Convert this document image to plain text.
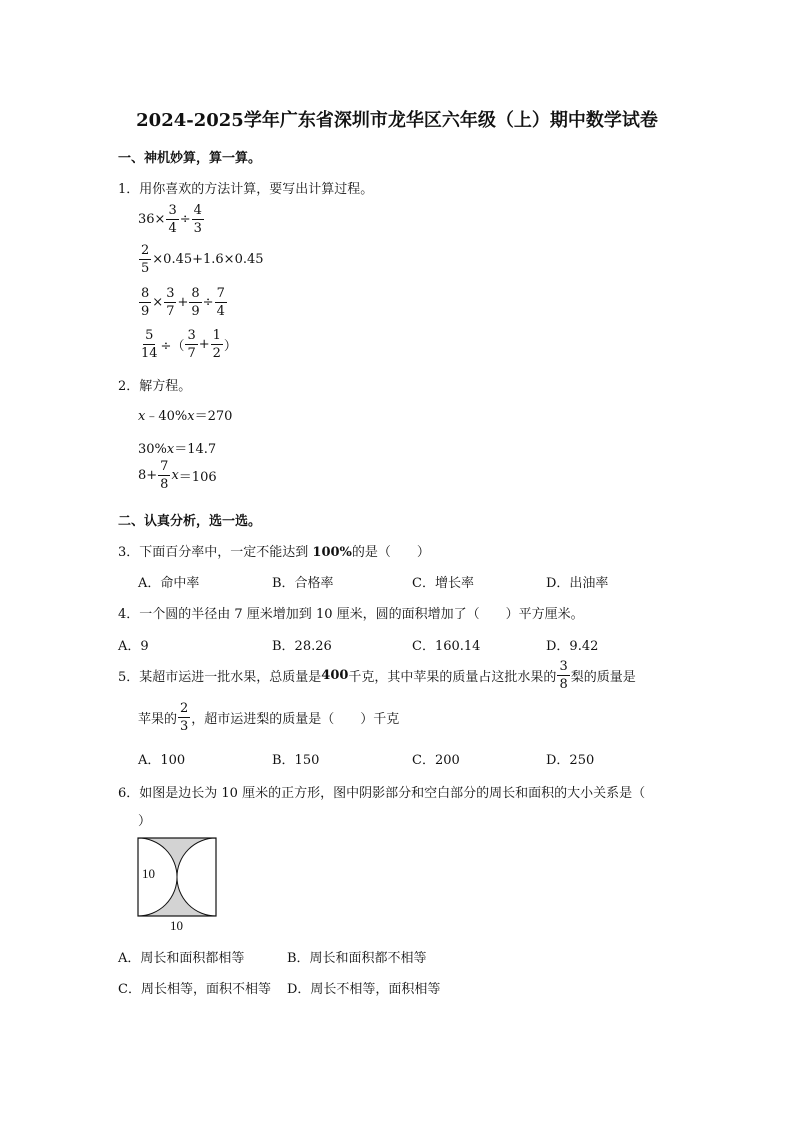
2024-2025学年广东省深圳市龙华区六年级（上）期中数学试卷
一、神机妙算，算一算。
1．用你喜欢的方法计算，要写出计算过程。
$36\times \frac{3}{4} \div \frac{4}{3}$
$\frac{2}{5} \times 0.45+1.6\times 0.45$
$\frac{8}{9} \times \frac{3}{7} + \frac{8}{9} \div \frac{7}{4}$
$\frac{5}{14}$ ÷（ $\frac{3}{7} + \frac{1}{2}$ ）
2．解方程。
x﹣40%x＝270
30%x＝14.7
$8+ \frac{7}{8}$ x ＝106
二、认真分析，选一选。
3．下面百分率中，一定不能达到 100%的是（　　）
A．命中率	B．合格率	C．增长率	D．出油率
4．一个圆的半径由 7 厘米增加到 10 厘米，圆的面积增加了（　　）平方厘米。
A．9	B．28.26	C．160.14	D．9.42
5．某超市运进一批水果，总质量是 400 千克，其中苹果的质量占这批水果的 $\frac{3}{8}$ 梨的质量是
苹果的 $\frac{2}{3}$ ，超市运进梨的质量是（　　）千克
A．100	B．150	C．200	D．250
6．如图是边长为 10 厘米的正方形，图中阴影部分和空白部分的周长和面积的大小关系是（
）
10
10
A．周长和面积都相等	B．周长和面积都不相等
C．周长相等，面积不相等 D．周长不相等，面积相等
